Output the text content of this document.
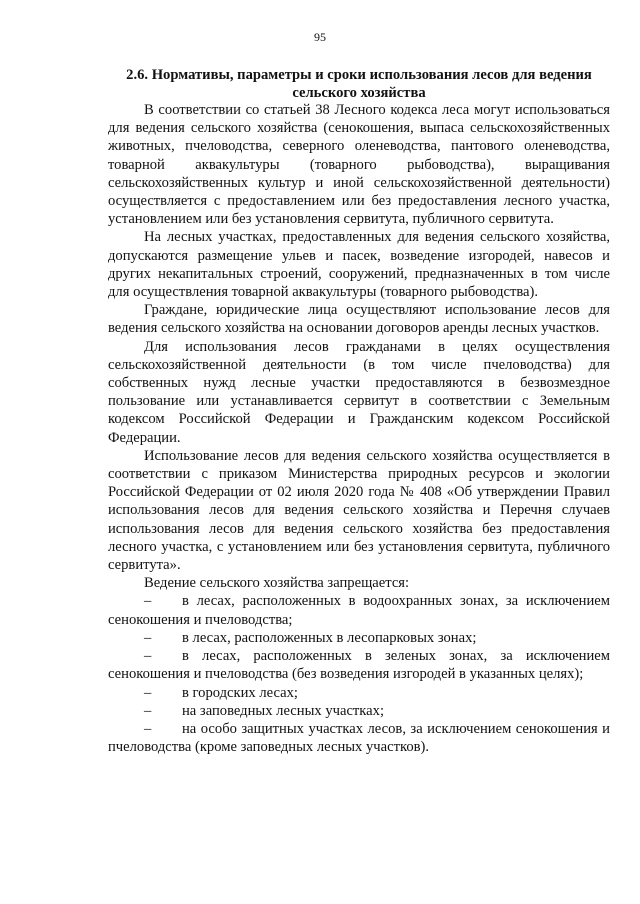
95
2.6. Нормативы, параметры и сроки использования лесов для ведения
сельского хозяйства

В соответствии со статьей 38 Лесного кодекса леса могут использоваться для ведения сельского хозяйства (сенокошения, выпаса сельскохозяйственных животных, пчеловодства, северного оленеводства, пантового оленеводства, товарной аквакультуры (товарного рыбоводства), выращивания сельскохозяйственных культур и иной сельскохозяйственной деятельности) осуществляется с предоставлением или без предоставления лесного участка, установлением или без установления сервитута, публичного сервитута.

На лесных участках, предоставленных для ведения сельского хозяйства, допускаются размещение ульев и пасек, возведение изгородей, навесов и других некапитальных строений, сооружений, предназначенных в том числе для осуществления товарной аквакультуры (товарного рыбоводства).

Граждане, юридические лица осуществляют использование лесов для ведения сельского хозяйства на основании договоров аренды лесных участков.

Для использования лесов гражданами в целях осуществления сельскохозяйственной деятельности (в том числе пчеловодства) для собственных нужд лесные участки предоставляются в безвозмездное пользование или устанавливается сервитут в соответствии с Земельным кодексом Российской Федерации и Гражданским кодексом Российской Федерации.

Использование лесов для ведения сельского хозяйства осуществляется в соответствии с приказом Министерства природных ресурсов и экологии Российской Федерации от 02 июля 2020 года № 408 «Об утверждении Правил использования лесов для ведения сельского хозяйства и Перечня случаев использования лесов для ведения сельского хозяйства без предоставления лесного участка, с установлением или без установления сервитута, публичного сервитута».

Ведение сельского хозяйства запрещается:

– в лесах, расположенных в водоохранных зонах, за исключением сенокошения и пчеловодства;

– в лесах, расположенных в лесопарковых зонах;

– в лесах, расположенных в зеленых зонах, за исключением сенокошения и пчеловодства (без возведения изгородей в указанных целях);

– в городских лесах;

– на заповедных лесных участках;

– на особо защитных участках лесов, за исключением сенокошения и пчеловодства (кроме заповедных лесных участков).
